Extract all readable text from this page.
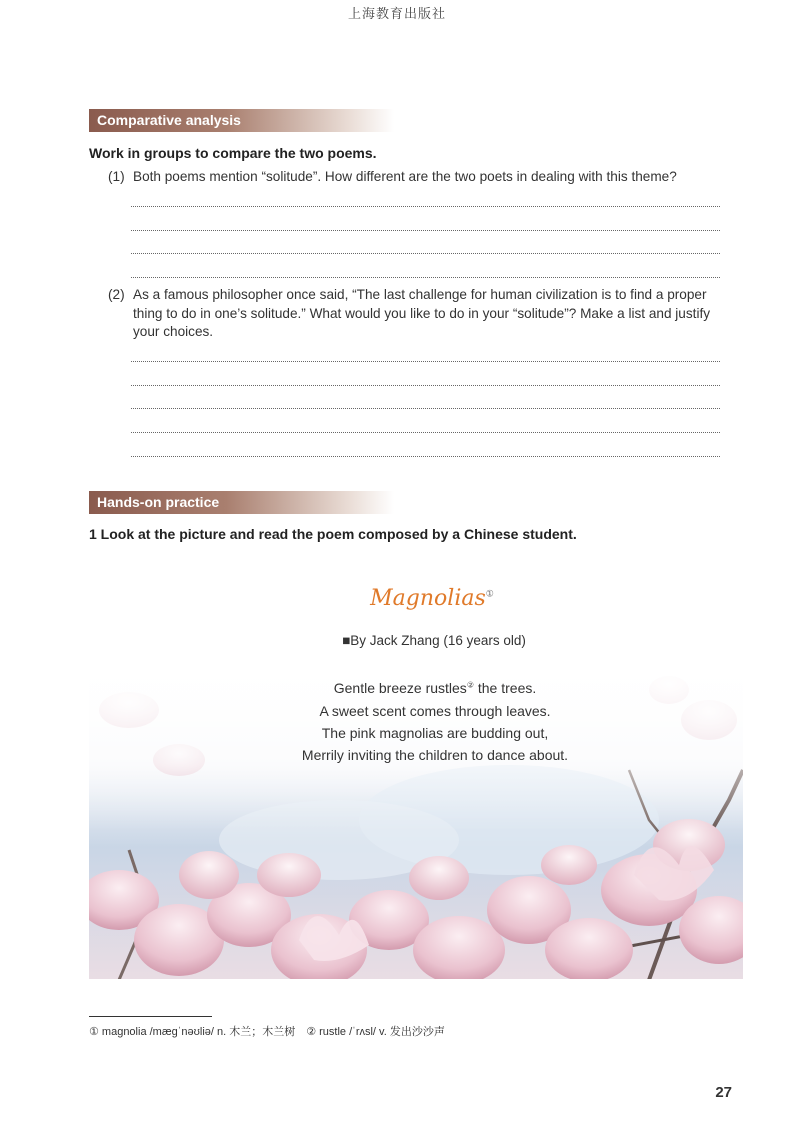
上海教育出版社
Comparative analysis
Work in groups to compare the two poems.
(1) Both poems mention “solitude”. How different are the two poets in dealing with this theme?
(2) As a famous philosopher once said, “The last challenge for human civilization is to find a proper thing to do in one’s solitude.” What would you like to do in your “solitude”? Make a list and justify your choices.
Hands-on practice
1 Look at the picture and read the poem composed by a Chinese student.
Magnolias①
■By Jack Zhang (16 years old)
Gentle breeze rustles② the trees.
A sweet scent comes through leaves.
The pink magnolias are budding out,
Merrily inviting the children to dance about.
① magnolia /mæɡˈnəʊliə/ n. 木兰；木兰树　② rustle /ˈrʌsl/ v. 发出沙沙声
27
